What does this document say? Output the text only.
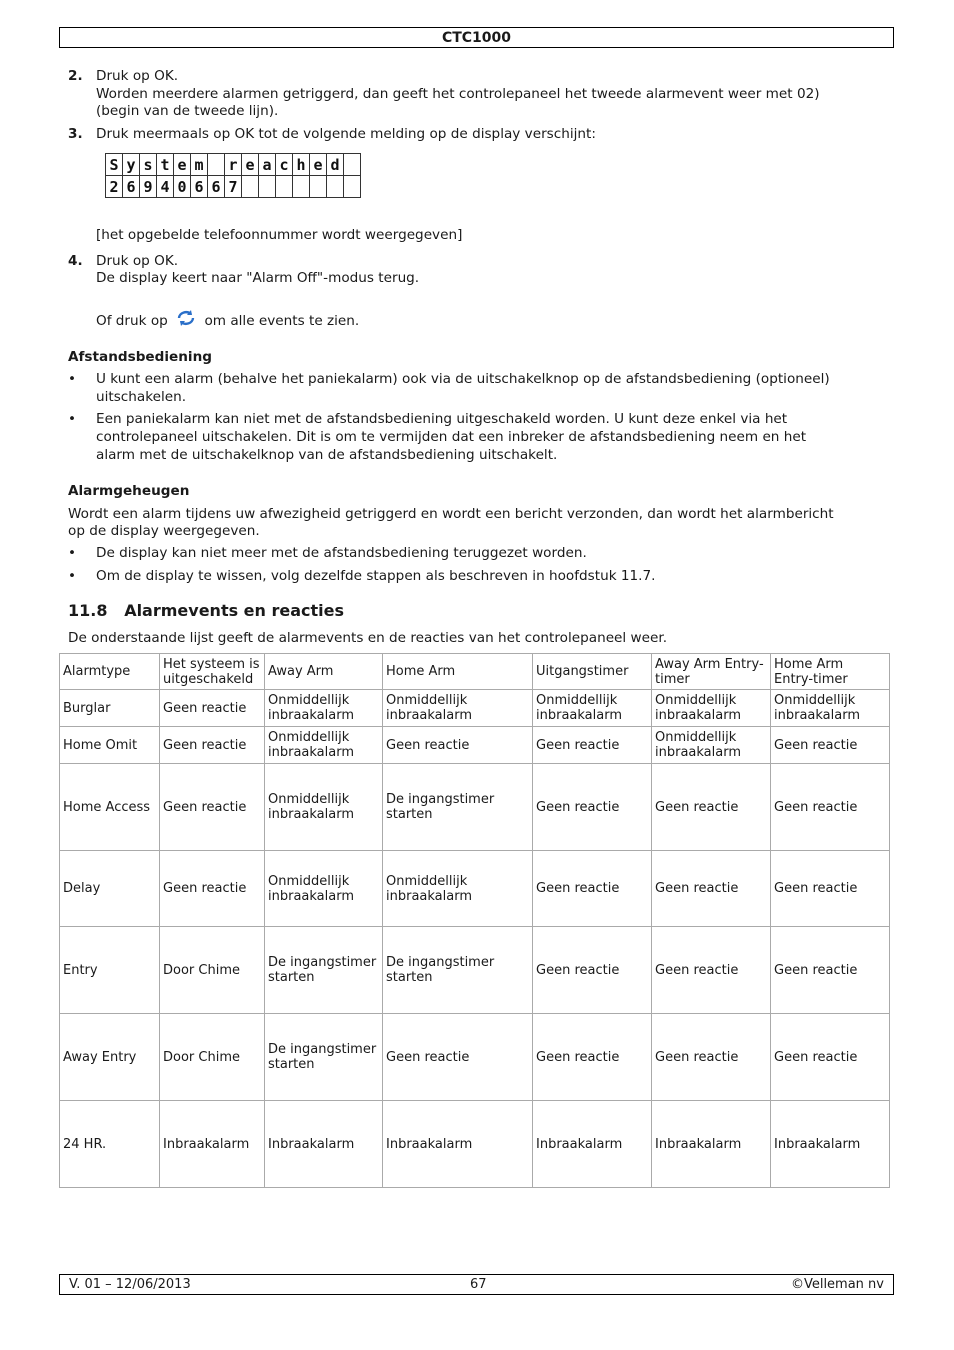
CTC1000
2. Druk op OK.
Worden meerdere alarmen getriggerd, dan geeft het controlepaneel het tweede alarmevent weer met 02)
(begin van de tweede lijn).
3. Druk meermaals op OK tot de volgende melding op de display verschijnt:
S	y	s	t	e	m		r	e	a	c	h	e	d	
2	6	9	4	0	6	6	7							
[het opgebelde telefoonnummer wordt weergegeven]
4. Druk op OK.
De display keert naar "Alarm Off"-modus terug.
Of druk op	om alle events te zien.
Afstandsbediening
• U kunt een alarm (behalve het paniekalarm) ook via de uitschakelknop op de afstandsbediening (optioneel)
uitschakelen.
• Een paniekalarm kan niet met de afstandsbediening uitgeschakeld worden. U kunt deze enkel via het
controlepaneel uitschakelen. Dit is om te vermijden dat een inbreker de afstandsbediening neem en het
alarm met de uitschakelknop van de afstandsbediening uitschakelt.
Alarmgeheugen
Wordt een alarm tijdens uw afwezigheid getriggerd en wordt een bericht verzonden, dan wordt het alarmbericht
op de display weergegeven.
• De display kan niet meer met de afstandsbediening teruggezet worden.
• Om de display te wissen, volg dezelfde stappen als beschreven in hoofdstuk 11.7.
11.8   Alarmevents en reacties
De onderstaande lijst geeft de alarmevents en de reacties van het controlepaneel weer.
Alarmtype	Het systeem is uitgeschakeld	Away Arm	Home Arm	Uitgangstimer	Away Arm Entry-timer	Home Arm Entry-timer
Burglar	Geen reactie	Onmiddellijk inbraakalarm	Onmiddellijk inbraakalarm	Onmiddellijk inbraakalarm	Onmiddellijk inbraakalarm	Onmiddellijk inbraakalarm
Home Omit	Geen reactie	Onmiddellijk inbraakalarm	Geen reactie	Geen reactie	Onmiddellijk inbraakalarm	Geen reactie
Home Access	Geen reactie	Onmiddellijk inbraakalarm	De ingangstimer starten	Geen reactie	Geen reactie	Geen reactie
Delay	Geen reactie	Onmiddellijk inbraakalarm	Onmiddellijk inbraakalarm	Geen reactie	Geen reactie	Geen reactie
Entry	Door Chime	De ingangstimer starten	De ingangstimer starten	Geen reactie	Geen reactie	Geen reactie
Away Entry	Door Chime	De ingangstimer starten	Geen reactie	Geen reactie	Geen reactie	Geen reactie
24 HR.	Inbraakalarm	Inbraakalarm	Inbraakalarm	Inbraakalarm	Inbraakalarm	Inbraakalarm
V. 01 – 12/06/2013	67	©Velleman nv
